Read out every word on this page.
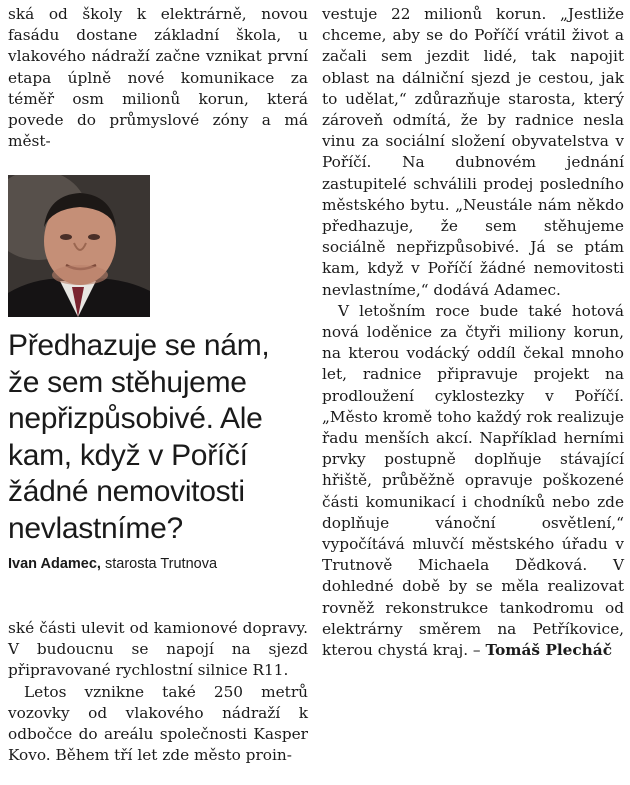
ská od školy k elektrárně, novou fasádu dostane základní škola, u vlakového nádraží začne vznikat první etapa úplně nové komunikace za téměř osm milionů korun, která povede do průmyslové zóny a má měst-

Předhazuje se nám, že sem stěhujeme nepřizpůsobivé. Ale kam, když v Poříčí žádné nemovitosti nevlastníme?
Ivan Adamec, starosta Trutnova

ské části ulevit od kamionové dopravy. V budoucnu se napojí na sjezd připravované rychlostní silnice R11.

Letos vznikne také 250 metrů vozovky od vlakového nádraží k odbočce do areálu společnosti Kasper Kovo. Během tří let zde město proin-

vestuje 22 milionů korun. „Jestliže chceme, aby se do Poříčí vrátil život a začali sem jezdit lidé, tak napojit oblast na dálniční sjezd je cestou, jak to udělat,“ zdůrazňuje starosta, který zároveň odmítá, že by radnice nesla vinu za sociální složení obyvatelstva v Poříčí. Na dubnovém jednání zastupitelé schválili prodej posledního městského bytu. „Neustále nám někdo předhazuje, že sem stěhujeme sociálně nepřizpůsobivé. Já se ptám kam, když v Poříčí žádné nemovitosti nevlastníme,“ dodává Adamec.

V letošním roce bude také hotová nová loděnice za čtyři miliony korun, na kterou vodácký oddíl čekal mnoho let, radnice připravuje projekt na prodloužení cyklostezky v Poříčí. „Město kromě toho každý rok realizuje řadu menších akcí. Například herními prvky postupně doplňuje stávající hřiště, průběžně opravuje poškozené části komunikací i chodníků nebo zde doplňuje vánoční osvětlení,“ vypočítává mluvčí městského úřadu v Trutnově Michaela Dědková. V dohledné době by se měla realizovat rovněž rekonstrukce tankodromu od elektrárny směrem na Petříkovice, kterou chystá kraj. – Tomáš Plecháč
